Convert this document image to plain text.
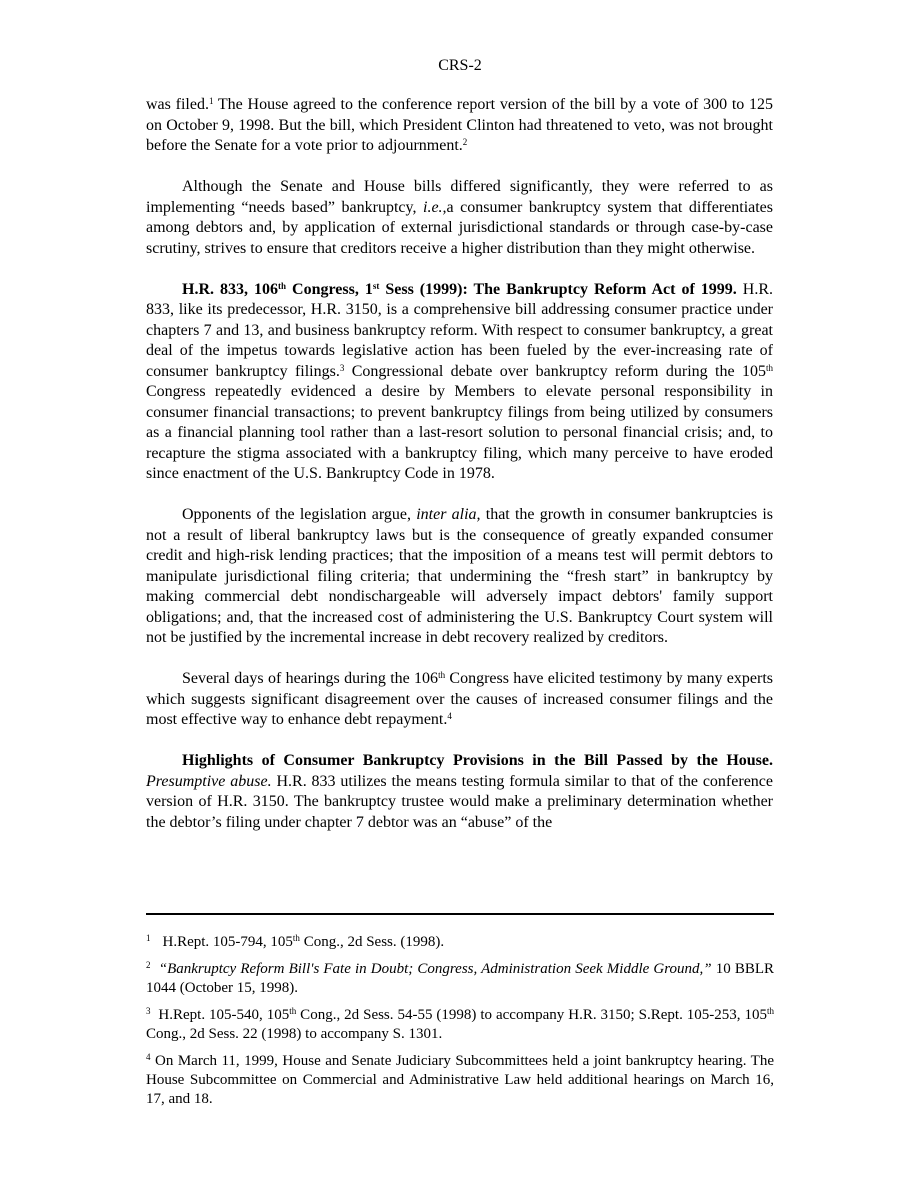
CRS-2

was filed.$^1$ The House agreed to the conference report version of the bill by a vote of 300 to 125 on October 9, 1998. But the bill, which President Clinton had threatened to veto, was not brought before the Senate for a vote prior to adjournment.$^2$

Although the Senate and House bills differed significantly, they were referred to as implementing “needs based” bankruptcy, i.e.,a consumer bankruptcy system that differentiates among debtors and, by application of external jurisdictional standards or through case-by-case scrutiny, strives to ensure that creditors receive a higher distribution than they might otherwise.

H.R. 833, 106th Congress, 1st Sess (1999): The Bankruptcy Reform Act of 1999. H.R. 833, like its predecessor, H.R. 3150, is a comprehensive bill addressing consumer practice under chapters 7 and 13, and business bankruptcy reform. With respect to consumer bankruptcy, a great deal of the impetus towards legislative action has been fueled by the ever-increasing rate of consumer bankruptcy filings.$^3$ Congressional debate over bankruptcy reform during the 105th Congress repeatedly evidenced a desire by Members to elevate personal responsibility in consumer financial transactions; to prevent bankruptcy filings from being utilized by consumers as a financial planning tool rather than a last-resort solution to personal financial crisis; and, to recapture the stigma associated with a bankruptcy filing, which many perceive to have eroded since enactment of the U.S. Bankruptcy Code in 1978.

Opponents of the legislation argue, inter alia, that the growth in consumer bankruptcies is not a result of liberal bankruptcy laws but is the consequence of greatly expanded consumer credit and high-risk lending practices; that the imposition of a means test will permit debtors to manipulate jurisdictional filing criteria; that undermining the “fresh start” in bankruptcy by making commercial debt nondischargeable will adversely impact debtors' family support obligations; and, that the increased cost of administering the U.S. Bankruptcy Court system will not be justified by the incremental increase in debt recovery realized by creditors.

Several days of hearings during the 106th Congress have elicited testimony by many experts which suggests significant disagreement over the causes of increased consumer filings and the most effective way to enhance debt repayment.$^4$

Highlights of Consumer Bankruptcy Provisions in the Bill Passed by the House. Presumptive abuse. H.R. 833 utilizes the means testing formula similar to that of the conference version of H.R. 3150. The bankruptcy trustee would make a preliminary determination whether the debtor’s filing under chapter 7 debtor was an “abuse” of the

$^1$ H.Rept. 105-794, 105th Cong., 2d Sess. (1998).

$^2$ “Bankruptcy Reform Bill's Fate in Doubt; Congress, Administration Seek Middle Ground,” 10 BBLR 1044 (October 15, 1998).

$^3$ H.Rept. 105-540, 105th Cong., 2d Sess. 54-55 (1998) to accompany H.R. 3150; S.Rept. 105-253, 105th Cong., 2d Sess. 22 (1998) to accompany S. 1301.

$^4$ On March 11, 1999, House and Senate Judiciary Subcommittees held a joint bankruptcy hearing. The House Subcommittee on Commercial and Administrative Law held additional hearings on March 16, 17, and 18.
